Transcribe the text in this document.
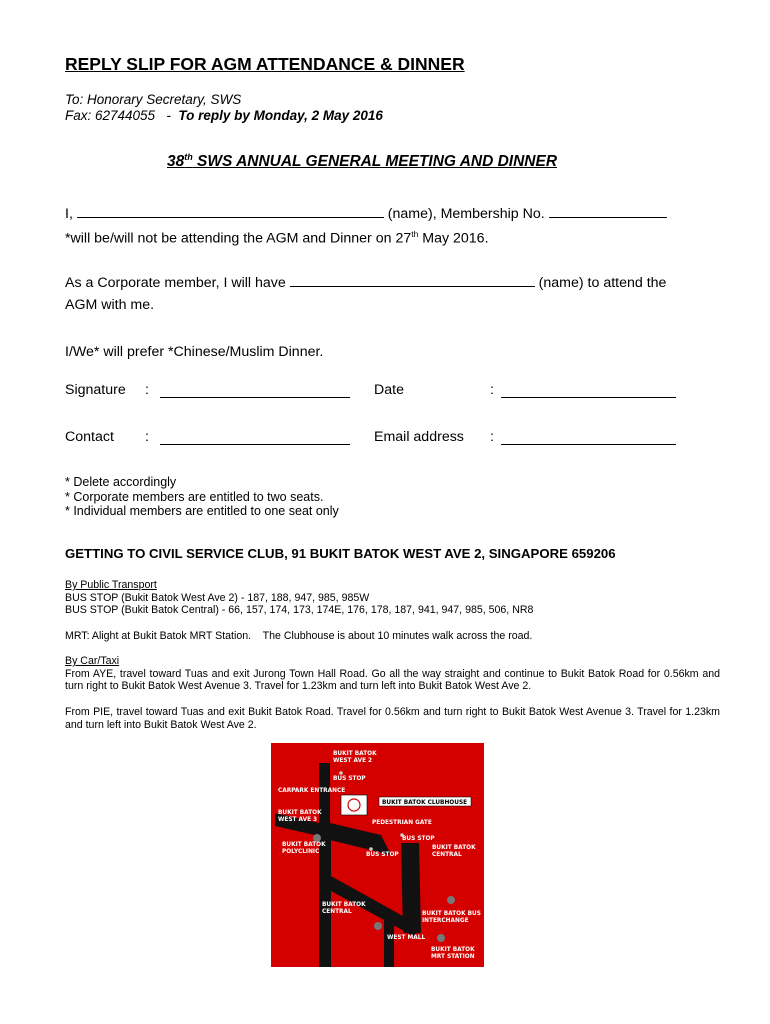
REPLY SLIP FOR AGM ATTENDANCE & DINNER
To: Honorary Secretary, SWS
Fax: 62744055   -  To reply by Monday, 2 May 2016
38th SWS ANNUAL GENERAL MEETING AND DINNER
I,	(name), Membership No.
*will be/will not be attending the AGM and Dinner on 27th May 2016.
As a Corporate member, I will have	(name) to attend the
AGM with me.
I/We* will prefer *Chinese/Muslim Dinner.
Signature :	Date	:
Contact :	Email address :
* Delete accordingly
* Corporate members are entitled to two seats.
* Individual members are entitled to one seat only
GETTING TO CIVIL SERVICE CLUB, 91 BUKIT BATOK WEST AVE 2, SINGAPORE 659206
By Public Transport
BUS STOP (Bukit Batok West Ave 2) - 187, 188, 947, 985, 985W
BUS STOP (Bukit Batok Central) - 66, 157, 174, 173, 174E, 176, 178, 187, 941, 947, 985, 506, NR8
MRT: Alight at Bukit Batok MRT Station.    The Clubhouse is about 10 minutes walk across the road.
By Car/Taxi
From AYE, travel toward Tuas and exit Jurong Town Hall Road. Go all the way straight and continue to Bukit Batok Road for 0.56km and turn right to Bukit Batok West Avenue 3. Travel for 1.23km and turn left into Bukit Batok West Ave 2.
From PIE, travel toward Tuas and exit Bukit Batok Road. Travel for 0.56km and turn right to Bukit Batok West Avenue 3. Travel for 1.23km and turn left into Bukit Batok West Ave 2.
BUKIT BATOK
WEST AVE 2
BUS STOP
CARPARK ENTRANCE
BUKIT BATOK CLUBHOUSE
BUKIT BATOK
WEST AVE 3	PEDESTRIAN GATE
BUS STOP
BUKIT BATOK
POLYCLINIC	BUS STOP
BUKIT BATOK
CENTRAL
BUKIT BATOK
CENTRAL	BUKIT BATOK BUS
INTERCHANGE
WEST MALL
BUKIT BATOK
MRT STATION
